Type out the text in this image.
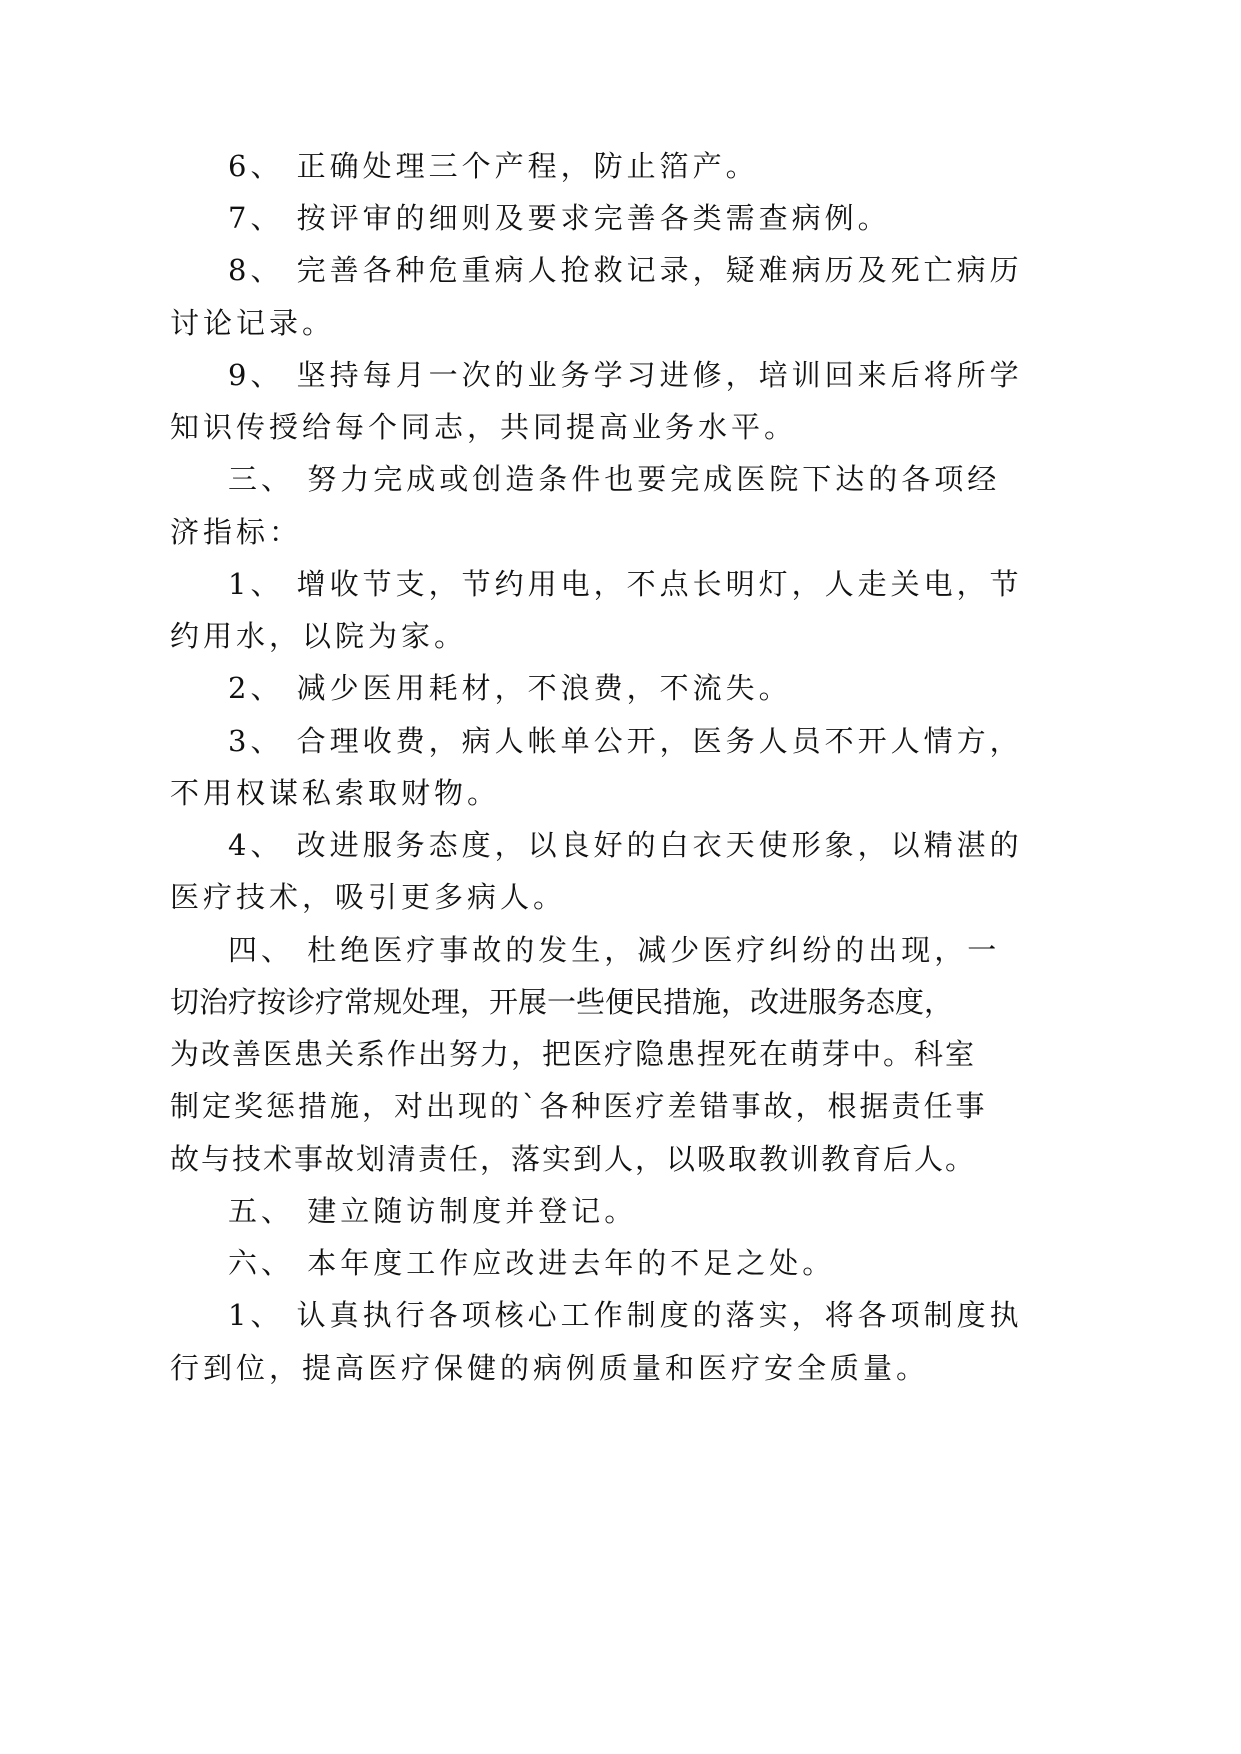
6、 正确处理三个产程，防止箔产。
7、 按评审的细则及要求完善各类需查病例。
8、 完善各种危重病人抢救记录，疑难病历及死亡病历
讨论记录。
9、 坚持每月一次的业务学习进修，培训回来后将所学
知识传授给每个同志，共同提高业务水平。
三、 努力完成或创造条件也要完成医院下达的各项经
济指标：
1、 增收节支，节约用电，不点长明灯，人走关电，节
约用水，以院为家。
2、 减少医用耗材，不浪费，不流失。
3、 合理收费，病人帐单公开，医务人员不开人情方，
不用权谋私索取财物。
4、 改进服务态度，以良好的白衣天使形象，以精湛的
医疗技术，吸引更多病人。
四、 杜绝医疗事故的发生，减少医疗纠纷的出现，一
切治疗按诊疗常规处理，开展一些便民措施，改进服务态度，
为改善医患关系作出努力，把医疗隐患捏死在萌芽中。科室
制定奖惩措施，对出现的`各种医疗差错事故，根据责任事
故与技术事故划清责任，落实到人，以吸取教训教育后人。
五、 建立随访制度并登记。
六、 本年度工作应改进去年的不足之处。
1、 认真执行各项核心工作制度的落实，将各项制度执
行到位，提高医疗保健的病例质量和医疗安全质量。
